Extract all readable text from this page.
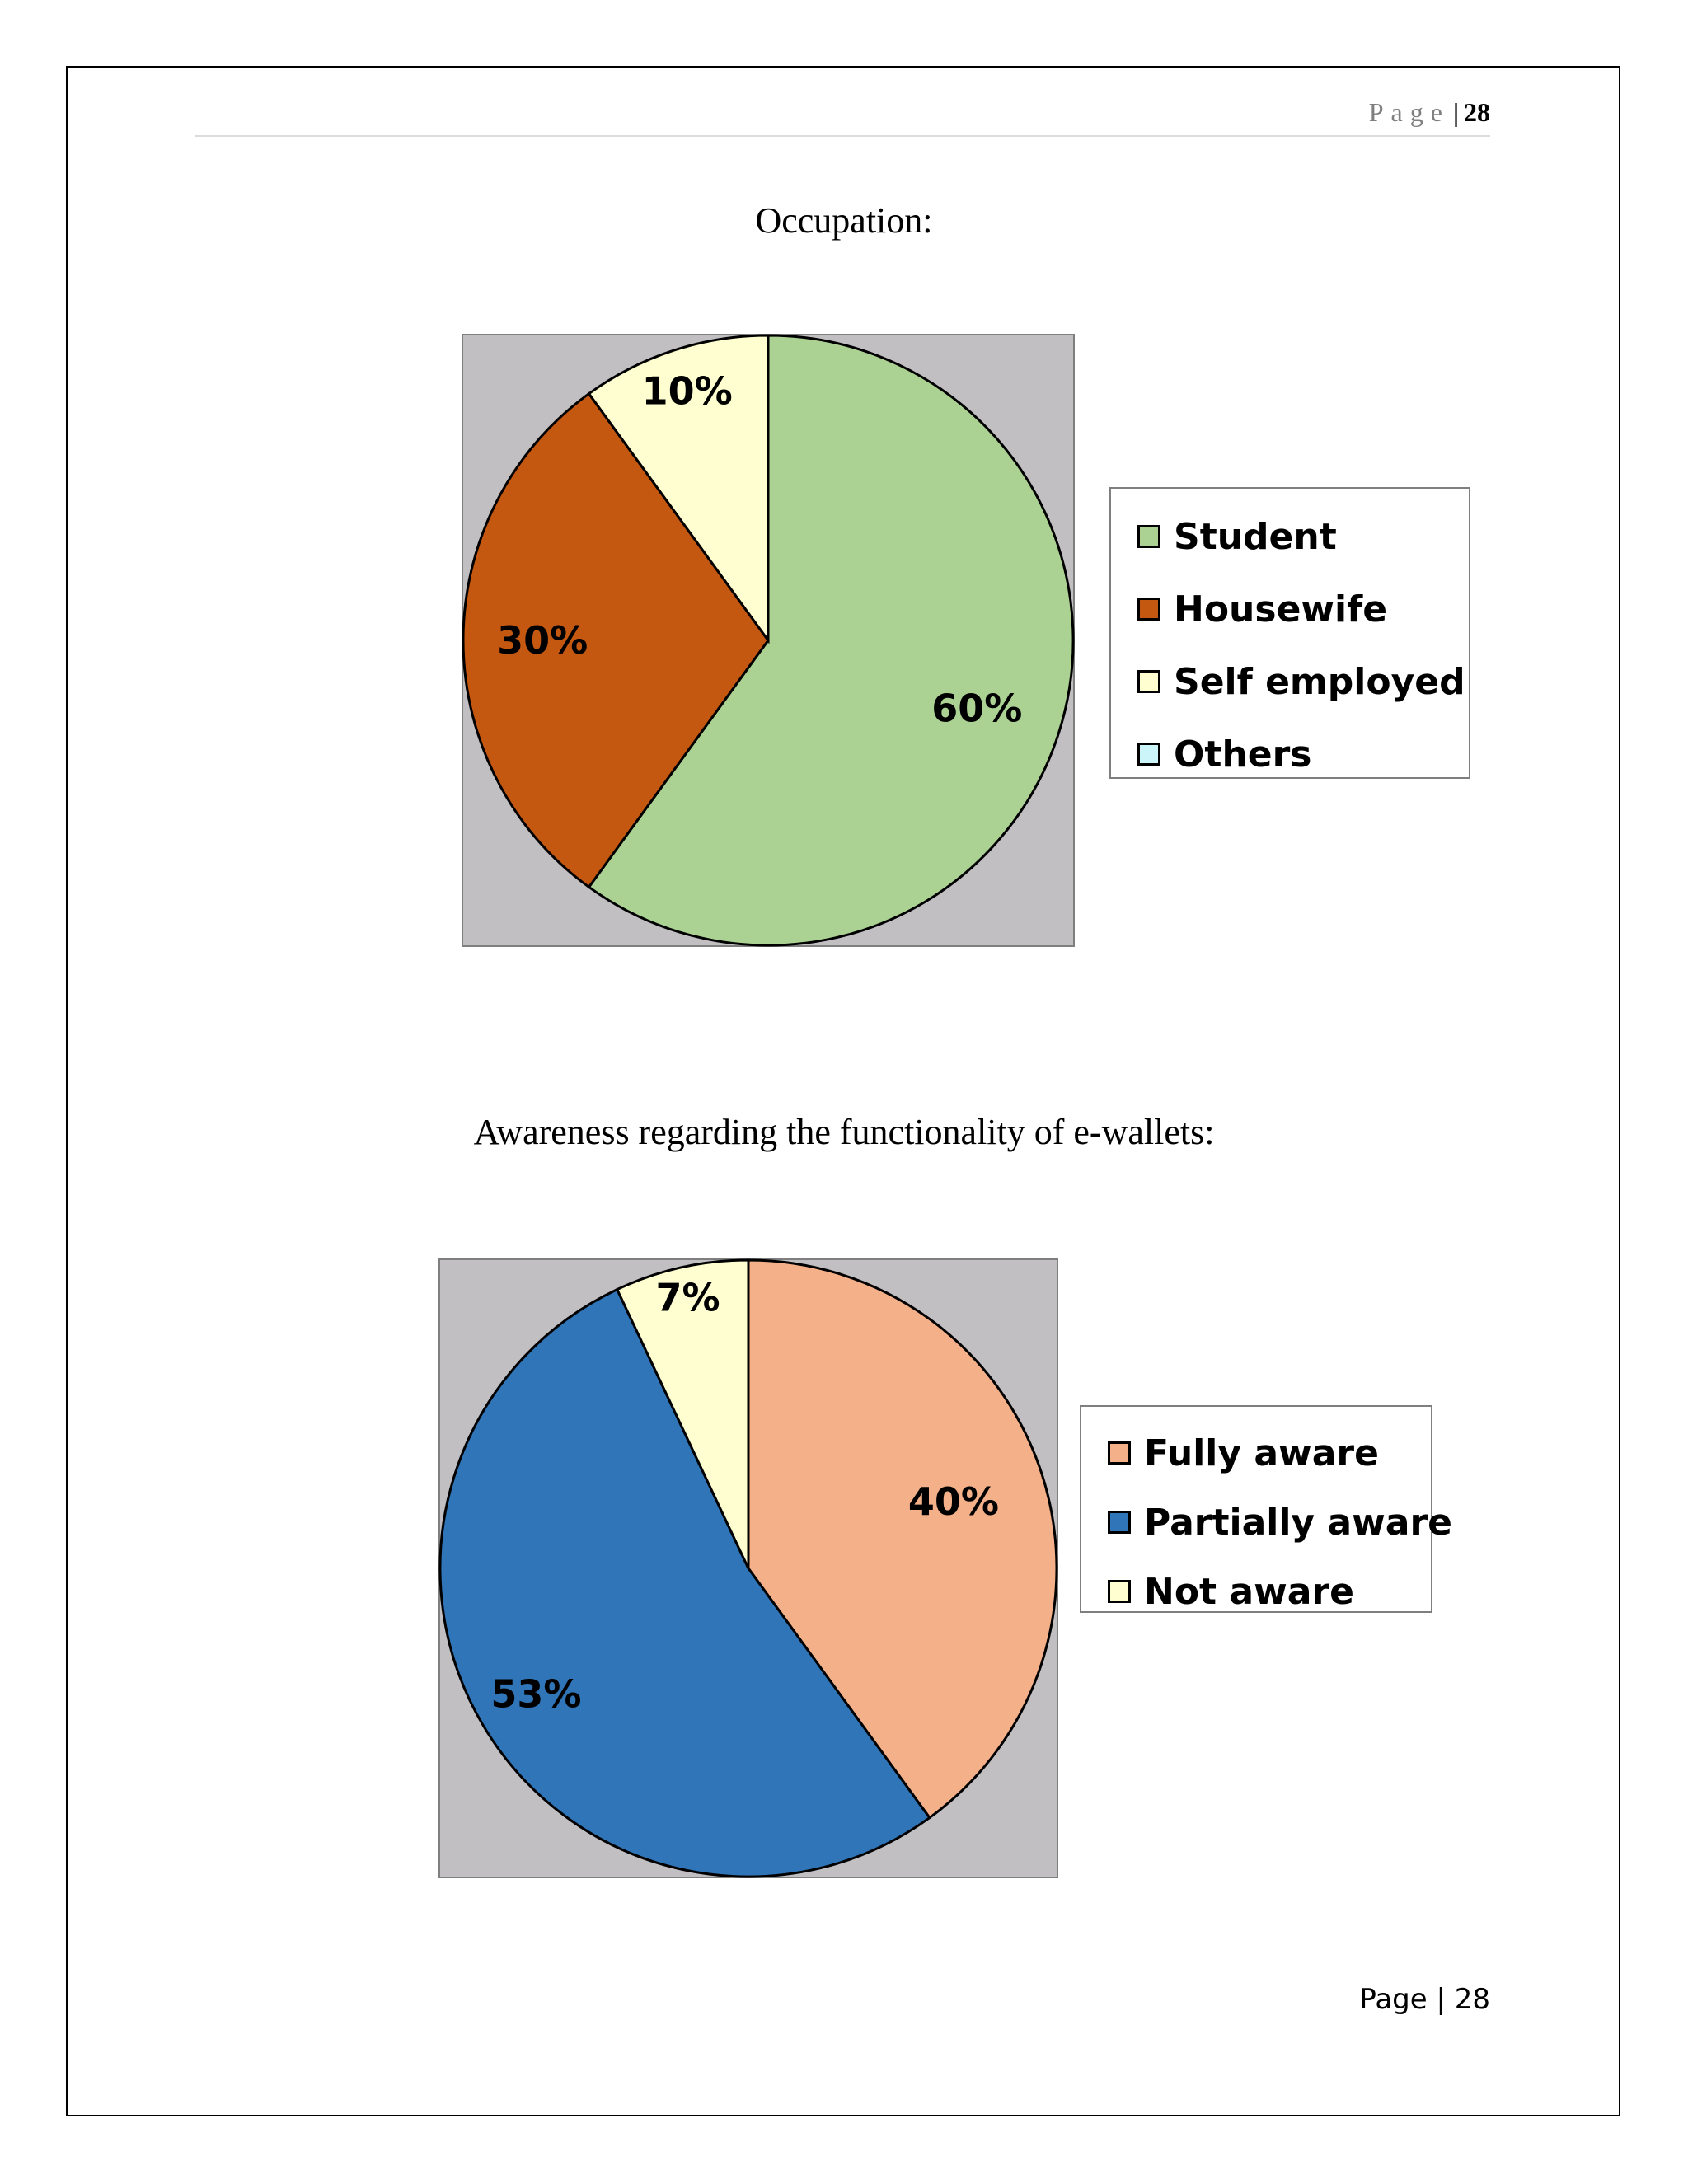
Page | 28
Occupation:
60%
30%
10%
Student
Housewife
Self employed
Others
Awareness regarding the functionality of e-wallets:
40%
53%
7%
Fully aware
Partially aware
Not aware
Page | 28
